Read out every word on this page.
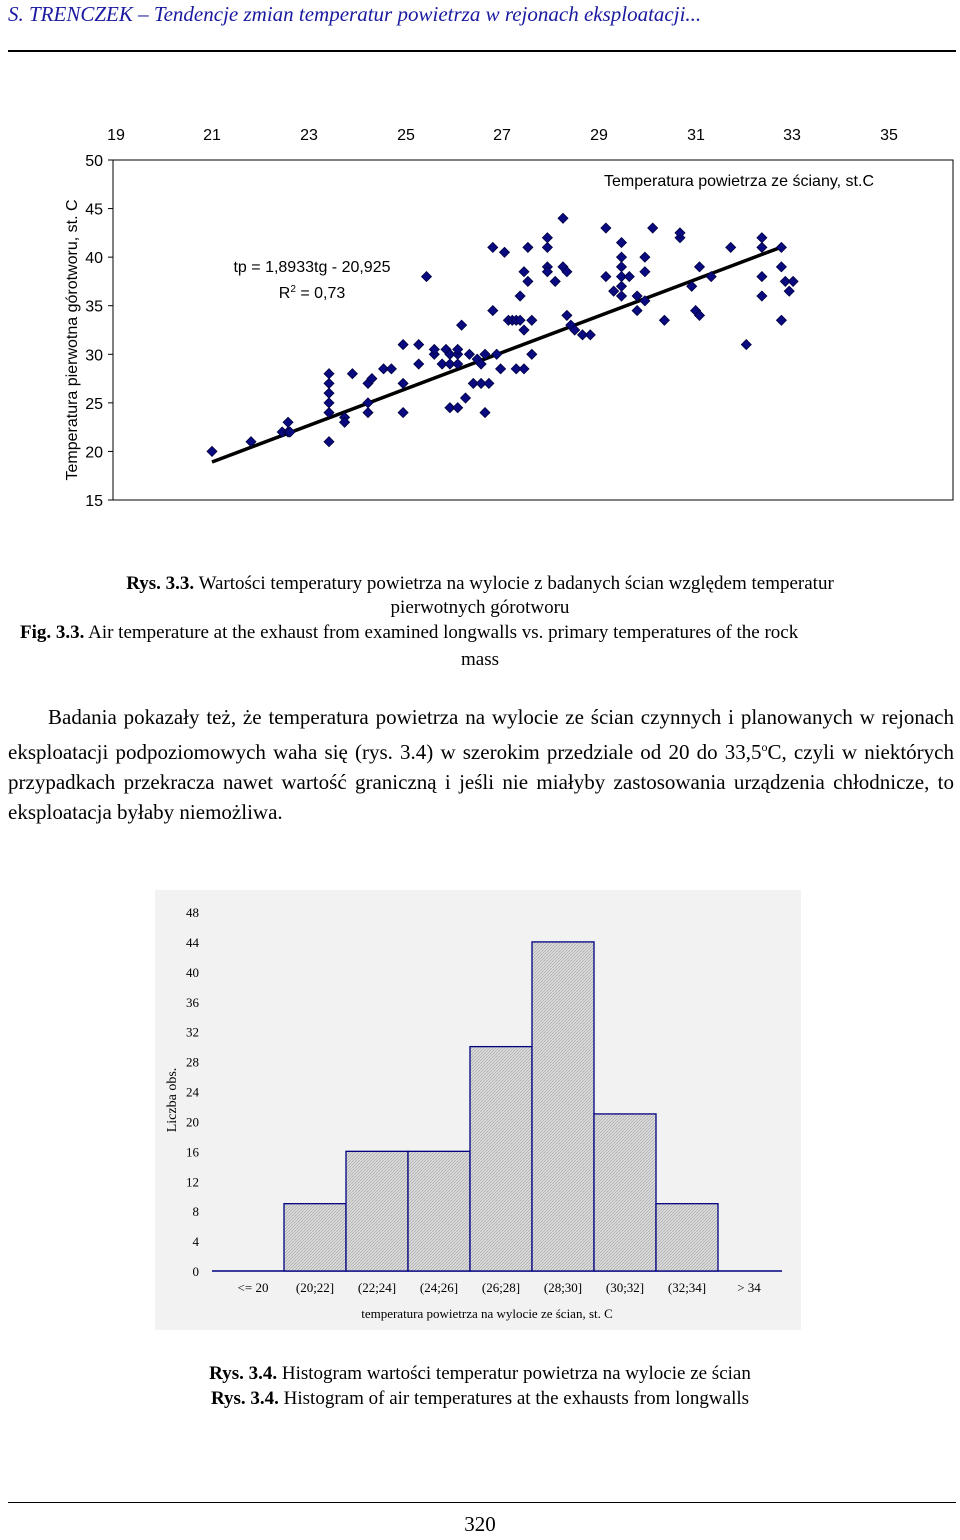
S. TRENCZEK – Tendencje zmian temperatur powietrza w rejonach eksploatacji...
19	21	23	25	27	29	31	33	35
50
45
40
35
30
25
20
15
Temperatura powietrza ze ściany, st.C
Temperatura pierwotna górotworu, st. C	tp = 1,8933tg - 20,925
$R^2 = 0,73$
Rys. 3.3. Wartości temperatury powietrza na wylocie z badanych ścian względem temperatur
pierwotnych górotworu
Fig. 3.3. Air temperature at the exhaust from examined longwalls vs. primary temperatures of the rock
mass

Badania pokazały też, że temperatura powietrza na wylocie ze ścian czynnych i planowanych w rejonach eksploatacji podpoziomowych waha się (rys. 3.4) w szerokim przedziale od 20 do 33,5$^o$C, czyli w niektórych przypadkach przekracza nawet wartość graniczną i jeśli nie miałyby zastosowania urządzenia chłodnicze, to eksploatacja byłaby niemożliwa.

0
4
8
12
16
20
24
28
32
36
40
44
48
<= 20 (20;22] (22;24] (24;26] (26;28] (28;30] (30;32] (32;34] > 34
temperatura powietrza na wylocie ze ścian, st. C
Liczba obs.
Rys. 3.4. Histogram wartości temperatur powietrza na wylocie ze ścian
Rys. 3.4. Histogram of air temperatures at the exhausts from longwalls
320
